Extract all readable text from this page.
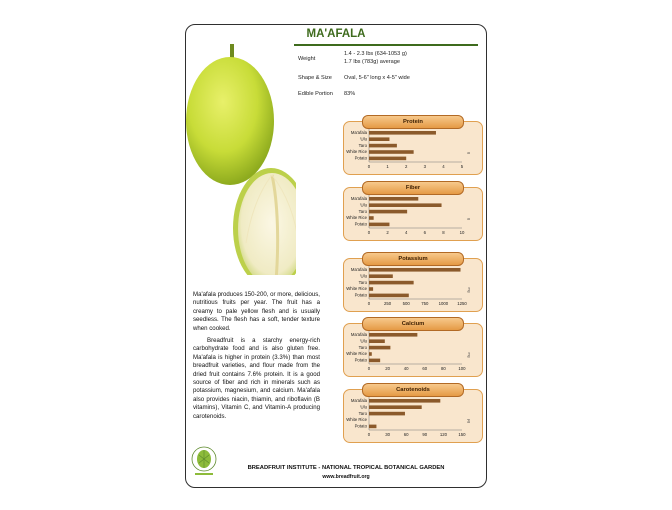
MA'AFALA
Weight
1.4 - 2.3 lbs (634-1053 g)
1.7 lbs (783g) average
Shape & Size Oval, 5-6" long x 4-5" wide
Edible Portion 83%

Ma'afala produces 150-200, or more, delicious, nutritious fruits per year. The fruit has a creamy to pale yellow flesh and is usually seedless. The flesh has a soft, tender texture when cooked.

Breadfruit is a starchy energy-rich carbohydrate food and is also gluten free. Ma'afala is higher in protein (3.3%) than most breadfruit varieties, and flour made from the dried fruit contains 7.6% protein. It is a good source of fiber and rich in minerals such as potassium, magnesium, and calcium. Ma'afala also provides niacin, thiamin, and riboflavin (B vitamins), Vitamin C, and Vitamin-A producing carotenoids.

Protein
Ma'afala
'Ulu
Taro
White Rice
Potato
0	1	2	3	4	5
g
Fiber
Ma'afala
'Ulu
Taro
White Rice
Potato
0	2	4	6	8	10
g
Potassium
Ma'afala
'Ulu
Taro
White Rice
Potato
0	250	500	750 1000 1250
mg
Calcium
Ma'afala
'Ulu
Taro
White Rice
Potato
0	20	40	60	80	100
mg
Carotenoids
Ma'afala
'Ulu
Taro
White Rice
Potato
0	30	60	90	120	150
µg
BREADFRUIT INSTITUTE - NATIONAL TROPICAL BOTANICAL GARDEN
www.breadfruit.org
